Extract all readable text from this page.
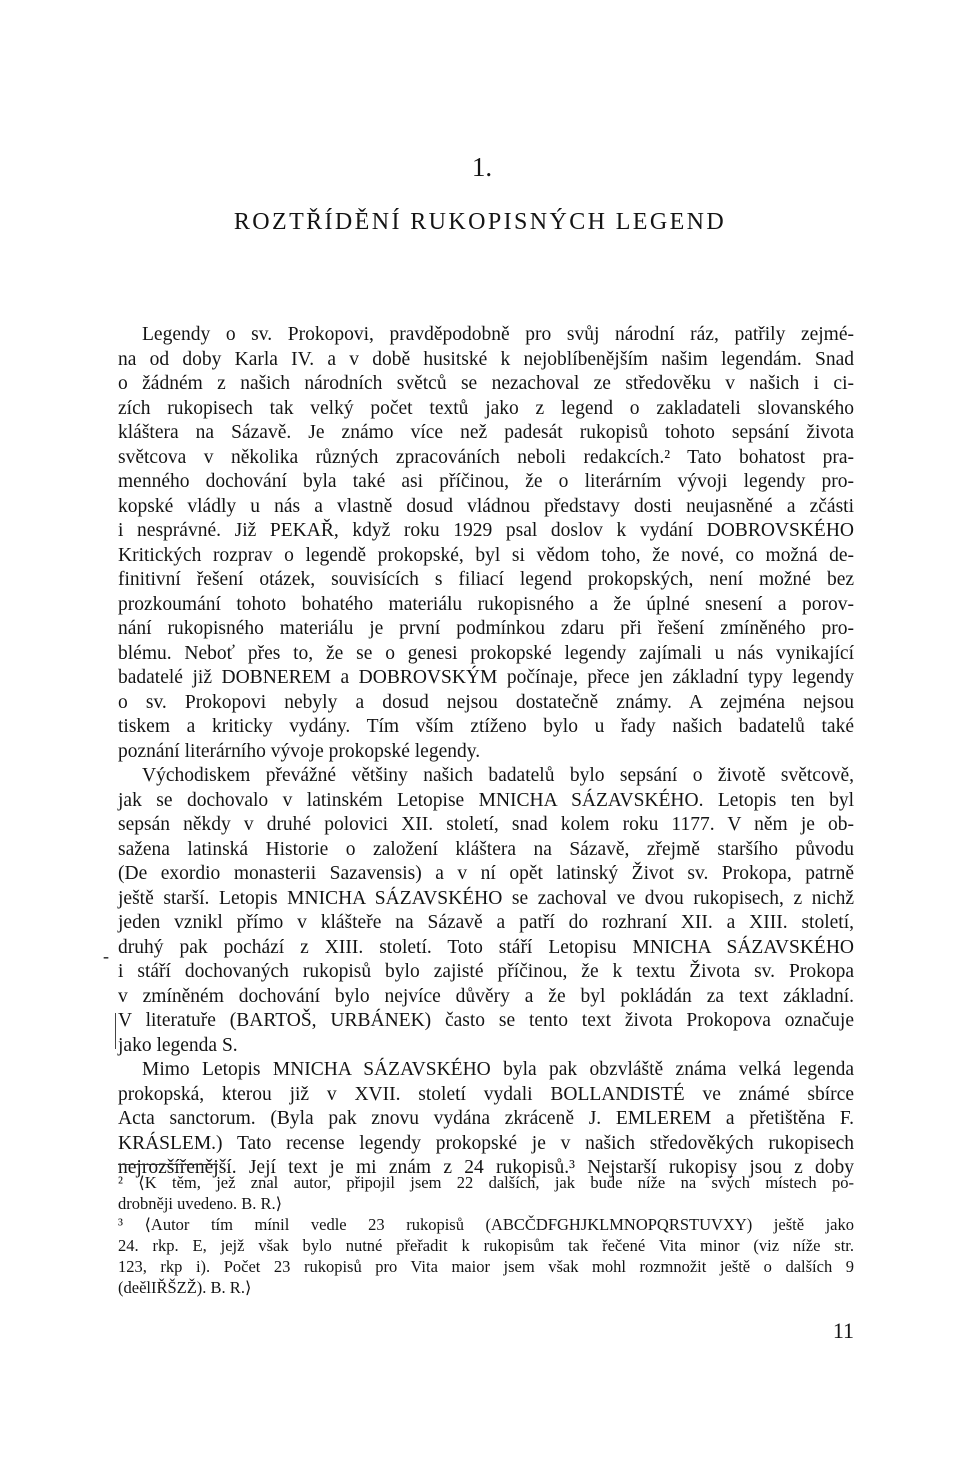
1.
ROZTŘÍDĚNÍ RUKOPISNÝCH LEGEND
Legendy o sv. Prokopovi, pravděpodobně pro svůj národní ráz, patřily zejmé-
na od doby Karla IV. a v době husitské k nejoblíbenějším našim legendám. Snad
o žádném z našich národních světců se nezachoval ze středověku v našich i ci-
zích rukopisech tak velký počet textů jako z legend o zakladateli slovanského
kláštera na Sázavě. Je známo více než padesát rukopisů tohoto sepsání života
světcova v několika různých zpracováních neboli redakcích.² Tato bohatost pra-
menného dochování byla také asi příčinou, že o literárním vývoji legendy pro-
kopské vládly u nás a vlastně dosud vládnou představy dosti neujasněné a zčásti
i nesprávné. Již PEKAŘ, když roku 1929 psal doslov k vydání DOBROVSKÉHO
Kritických rozprav o legendě prokopské, byl si vědom toho, že nové, co možná de-
finitivní řešení otázek, souvisících s filiací legend prokopských, není možné bez
prozkoumání tohoto bohatého materiálu rukopisného a že úplné snesení a porov-
nání rukopisného materiálu je první podmínkou zdaru při řešení zmíněného pro-
blému. Neboť přes to, že se o genesi prokopské legendy zajímali u nás vynikající
badatelé již DOBNEREM a DOBROVSKÝM počínaje, přece jen základní typy legendy
o sv. Prokopovi nebyly a dosud nejsou dostatečně známy. A zejména nejsou
tiskem a kriticky vydány. Tím vším ztíženo bylo u řady našich badatelů také
poznání literárního vývoje prokopské legendy.
Východiskem převážné většiny našich badatelů bylo sepsání o životě světcově,
jak se dochovalo v latinském Letopise MNICHA SÁZAVSKÉHO. Letopis ten byl
sepsán někdy v druhé polovici XII. století, snad kolem roku 1177. V něm je ob-
sažena latinská Historie o založení kláštera na Sázavě, zřejmě staršího původu
(De exordio monasterii Sazavensis) a v ní opět latinský Život sv. Prokopa, patrně
ještě starší. Letopis MNICHA SÁZAVSKÉHO se zachoval ve dvou rukopisech, z nichž
jeden vznikl přímo v klášteře na Sázavě a patří do rozhraní XII. a XIII. století,
druhý pak pochází z XIII. století. Toto stáří Letopisu MNICHA SÁZAVSKÉHO
i stáří dochovaných rukopisů bylo zajisté příčinou, že k textu Života sv. Prokopa
v zmíněném dochování bylo nejvíce důvěry a že byl pokládán za text základní.
V literatuře (BARTOŠ, URBÁNEK) často se tento text života Prokopova označuje
jako legenda S.
Mimo Letopis MNICHA SÁZAVSKÉHO byla pak obzvláště známa velká legenda
prokopská, kterou již v XVII. století vydali BOLLANDISTÉ ve známé sbírce
Acta sanctorum. (Byla pak znovu vydána zkráceně J. EMLEREM a přetištěna F.
KRÁSLEM.) Tato recense legendy prokopské je v našich středověkých rukopisech
nejrozšířenější. Její text je mi znám z 24 rukopisů.³ Nejstarší rukopisy jsou z doby
² ⟨K těm, jež znal autor, připojil jsem 22 dalších, jak bude níže na svých místech po-
drobněji uvedeno. B. R.⟩
³ ⟨Autor tím mínil vedle 23 rukopisů (ABCČDFGHJKLMNOPQRSTUVXY) ještě jako
24. rkp. E, jejž však bylo nutné přeřadit k rukopisům tak řečené Vita minor (viz níže str.
123, rkp i). Počet 23 rukopisů pro Vita maior jsem však mohl rozmnožit ještě o dalších 9
(deělIŘŠZŽ). B. R.⟩
-
11
